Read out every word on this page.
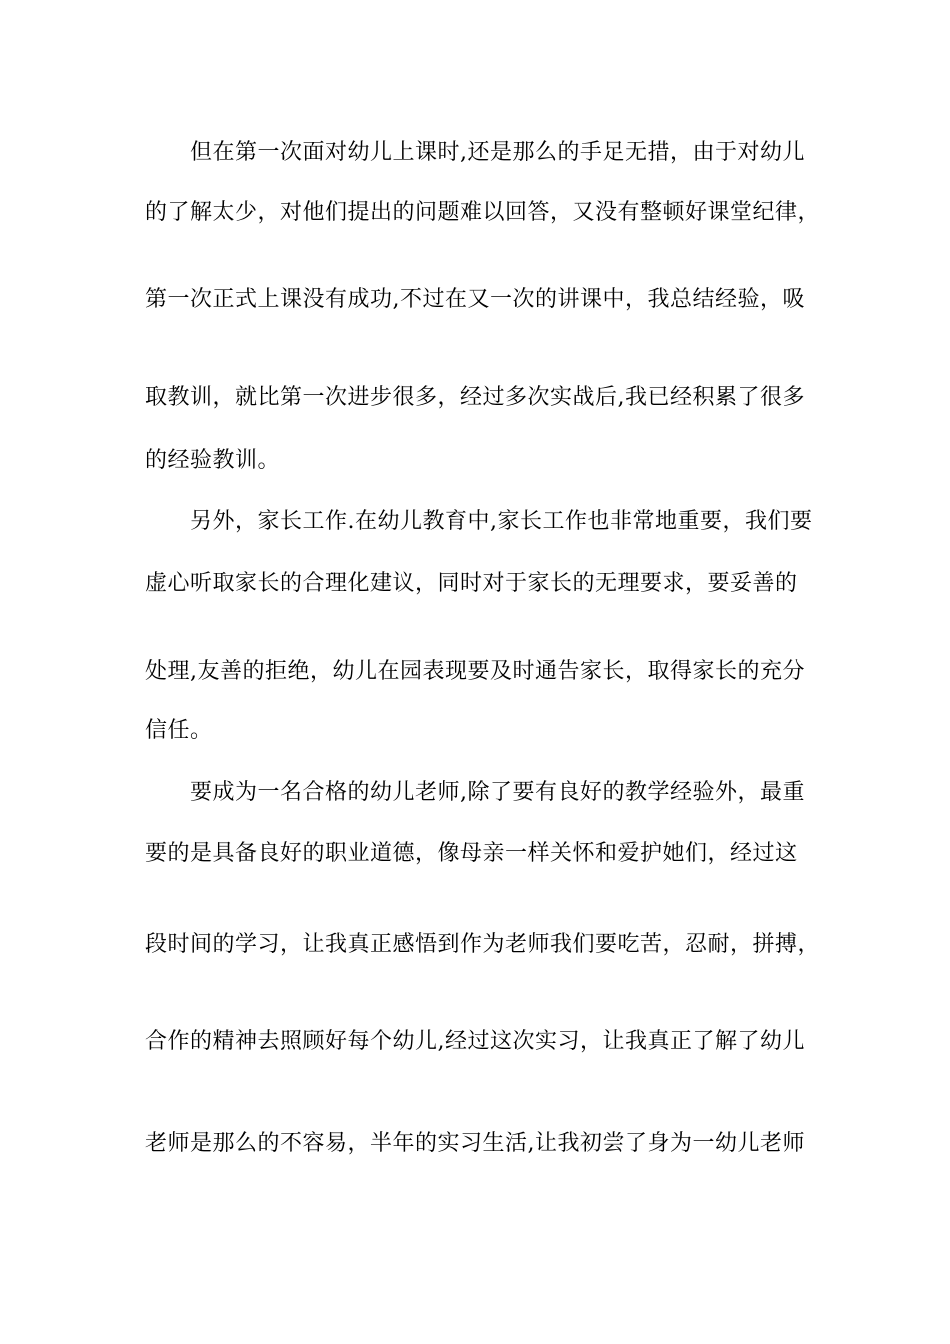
但在第一次面对幼儿上课时,还是那么的手足无措，由于对幼儿
的了解太少，对他们提出的问题难以回答，又没有整顿好课堂纪律，
第一次正式上课没有成功,不过在又一次的讲课中，我总结经验，吸
取教训，就比第一次进步很多，经过多次实战后,我已经积累了很多
的经验教训。
另外，家长工作.在幼儿教育中,家长工作也非常地重要，我们要
虚心听取家长的合理化建议，同时对于家长的无理要求，要妥善的
处理,友善的拒绝，幼儿在园表现要及时通告家长，取得家长的充分
信任。
要成为一名合格的幼儿老师,除了要有良好的教学经验外，最重
要的是具备良好的职业道德，像母亲一样关怀和爱护她们，经过这
段时间的学习，让我真正感悟到作为老师我们要吃苦，忍耐，拼搏，
合作的精神去照顾好每个幼儿,经过这次实习，让我真正了解了幼儿
老师是那么的不容易，半年的实习生活,让我初尝了身为一幼儿老师
